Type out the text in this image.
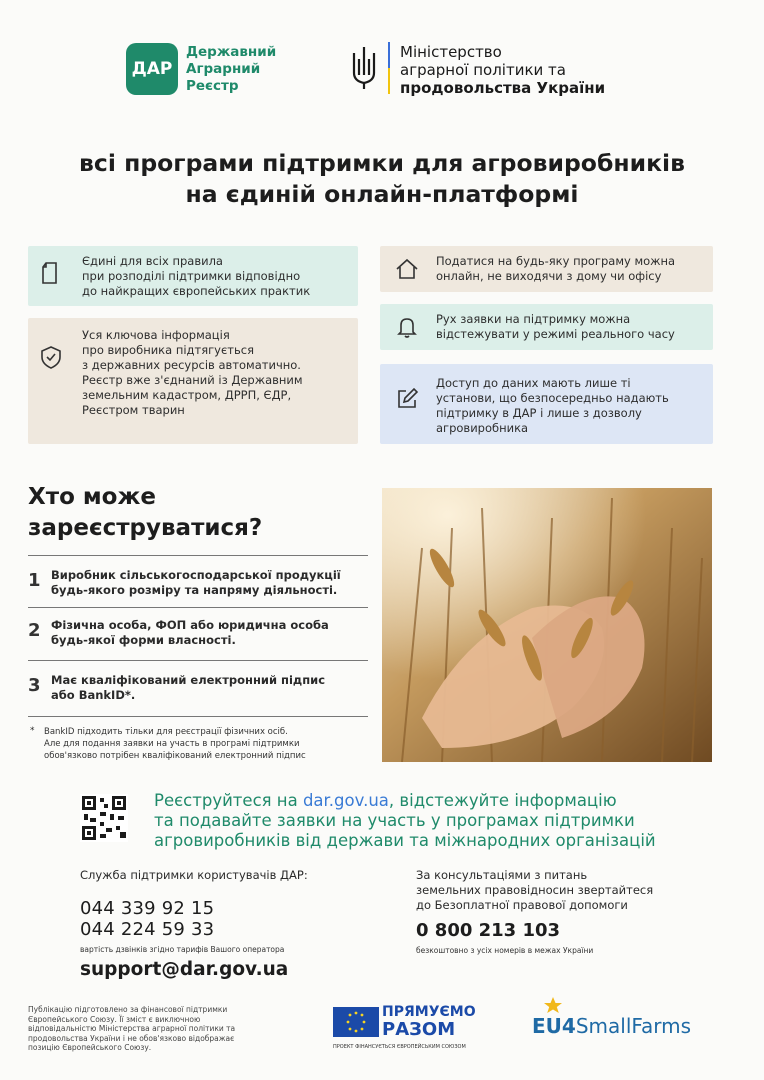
ДАР
Державний
Аграрний
Реєстр
Міністерство
аграрної політики та
продовольства України
всі програми підтримки для агровиробників
на єдиній онлайн-платформі
Єдині для всіх правила
при розподілі підтримки відповідно
до найкращих європейських практик
Податися на будь-яку програму можна
онлайн, не виходячи з дому чи офісу
Рух заявки на підтримку можна
відстежувати у режимі реального часу
Уся ключова інформація
про виробника підтягується
з державних ресурсів автоматично.
Реєстр вже з'єднаний із Державним
земельним кадастром, ДРРП, ЄДР,
Реєстром тварин
Доступ до даних мають лише ті
установи, що безпосередньо надають
підтримку в ДАР і лише з дозволу
агровиробника
Хто може
зареєструватися?
1 Виробник сільськогосподарської продукції
будь-якого розміру та напряму діяльності.
2 Фізична особа, ФОП або юридична особа
будь-якої форми власності.
3 Має кваліфікований електронний підпис
або BankID*.
BankID підходить тільки для реєстрації фізичних осіб.
Але для подання заявки на участь в програмі підтримки
обов'язково потрібен кваліфікований електронний підпис
*
Реєструйтеся на dar.gov.ua, відстежуйте інформацію
та подавайте заявки на участь у програмах підтримки
агровиробників від держави та міжнародних організацій
Служба підтримки користувачів ДАР:
044 339 92 15
044 224 59 33
вартість дзвінків згідно тарифів Вашого оператора
support@dar.gov.ua
За консультаціями з питань
земельних правовідносин звертайтеся
до Безоплатної правової допомоги
0 800 213 103
безкоштовно з усіх номерів в межах України
Публікацію підготовлено за фінансової підтримки
Європейського Союзу. Її зміст є виключною
відповідальністю Міністерства аграрної політики та
продовольства України і не обов'язково відображає
позицію Європейського Союзу.
ПРЯМУЄМО
РАЗОМ
ПРОЕКТ ФІНАНСУЄТЬСЯ ЄВРОПЕЙСЬКИМ СОЮЗОМ
EU4SmallFarms
